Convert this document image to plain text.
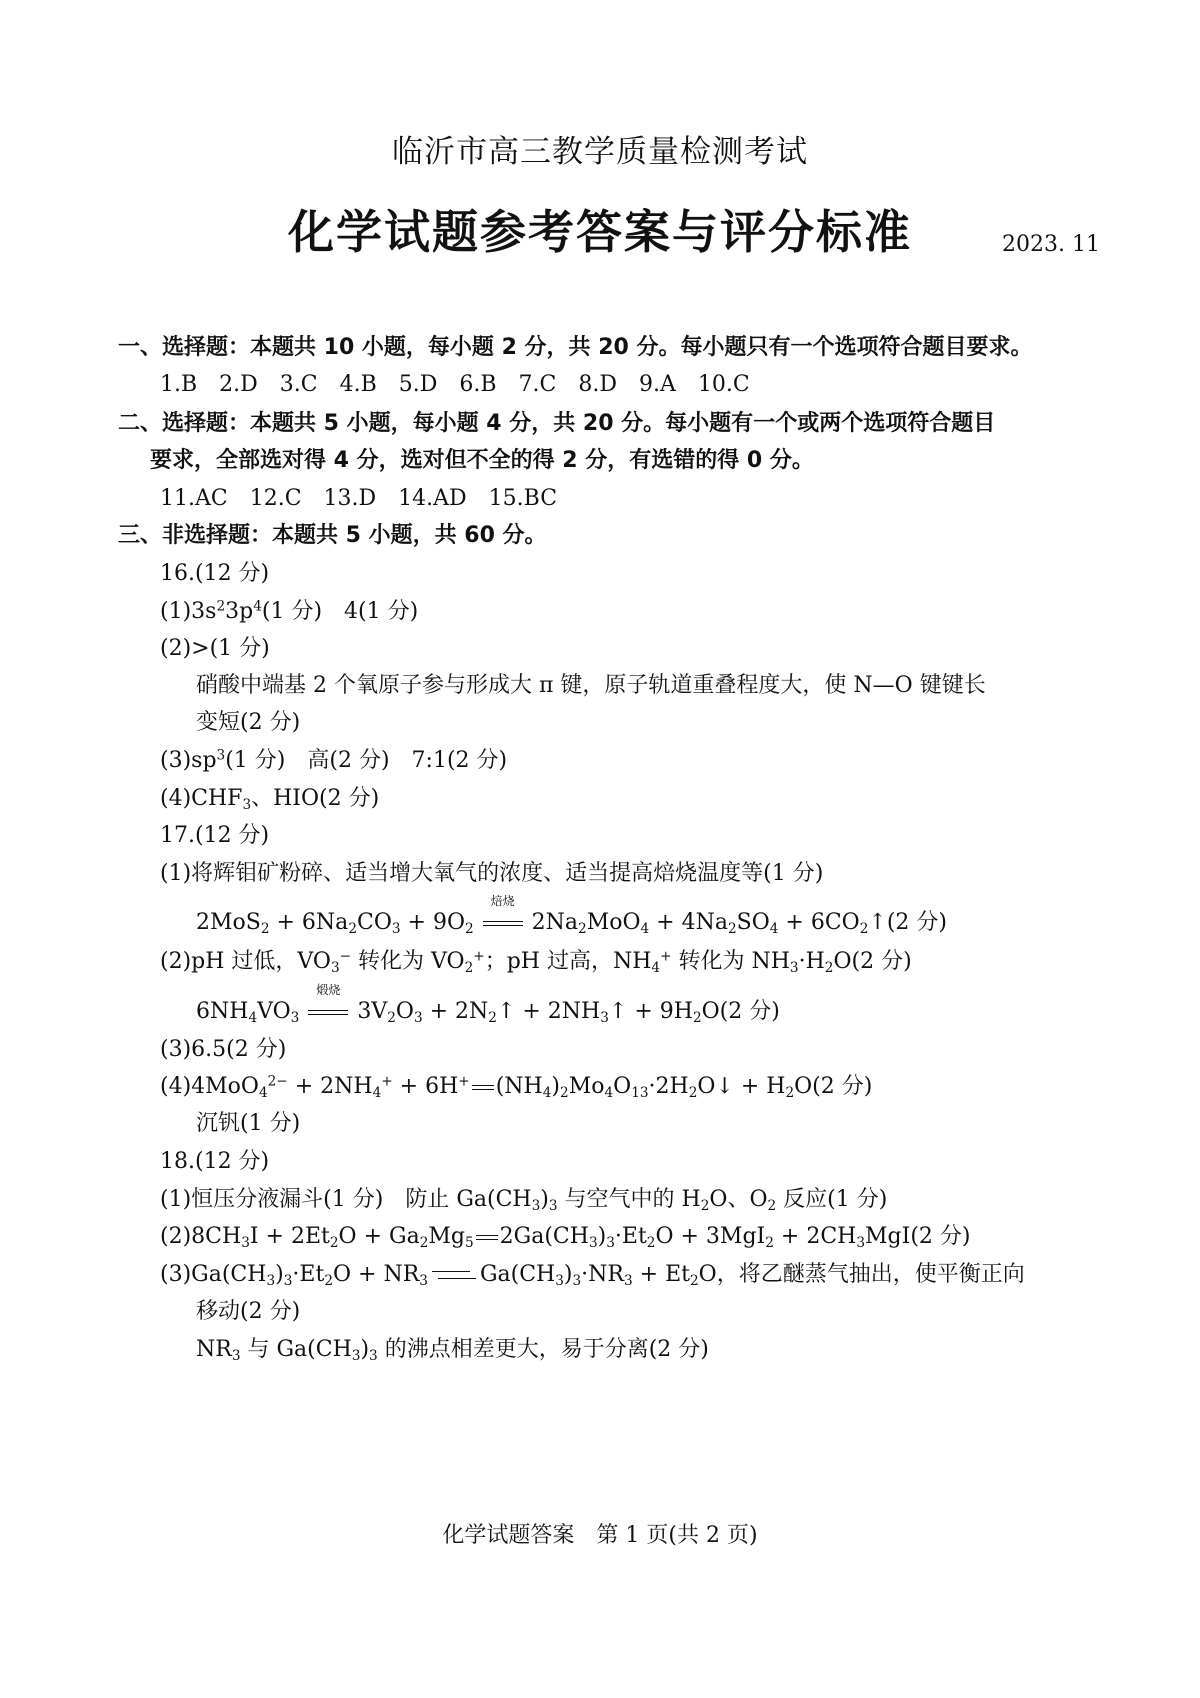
临沂市高三教学质量检测考试
化学试题参考答案与评分标准	2023. 11
一、选择题：本题共 10 小题，每小题 2 分，共 20 分。每小题只有一个选项符合题目要求。
1.B　2.D　3.C　4.B　5.D　6.B　7.C　8.D　9.A　10.C
二、选择题：本题共 5 小题，每小题 4 分，共 20 分。每小题有一个或两个选项符合题目
要求，全部选对得 4 分，选对但不全的得 2 分，有选错的得 0 分。
11.AC　12.C　13.D　14.AD　15.BC
三、非选择题：本题共 5 小题，共 60 分。
16.(12 分)
$(1)3s^23p^4(1$ 分)　4(1 分)
(2)>(1 分)
硝酸中端基 2 个氧原子参与形成大 π 键，原子轨道重叠程度大，使 N—O 键键长
变短(2 分)
$(3)sp^3(1$ 分)　高(2 分)　7:1(2 分)
$(4)CHF_3$、HIO(2 分)
17.(12 分)
(1)将辉钼矿粉碎、适当增大氧气的浓度、适当提高焙烧温度等(1 分)
$2MoS_2 + 6Na_2CO_3 + 9O_2$
焙烧
$2Na_2MoO_4 + 4Na_2SO_4$ + $6CO_2↑(2$ 分)
(2)pH 过低，$VO_3^-$ 转化为 $VO_2^+$；pH 过高，$NH_4^+$ 转化为 $NH_3\cdot H_2O(2$ 分)
$6NH_4VO_3$
煅烧
$3V_2O_3$ + $2N_2↑$ + $2NH_3↑ + 9H_2O(2$ 分)
(3)6.5(2 分)
$(4)4MoO_4^{2-} + 2NH_4^+ + 6H^+$ $(NH_4)_2Mo_4O_{13}\cdot 2H_2O↓ + H_2O(2$ 分)
沉钒(1 分)
18.(12 分)
(1)恒压分液漏斗(1 分)　防止 $Ga(CH_3)_3$ 与空气中的 $H_2O$、$O_2$ 反应(1 分)
$(2)8CH_3I + 2Et_2O + Ga_2Mg_5$ $2Ga(CH_3)_3\cdot Et_2O + 3MgI_2 + 2CH_3MgI(2$ 分)
$(3)Ga(CH_3)_3\cdot Et_2O + NR_3$ $Ga(CH_3)_3\cdot NR_3 + Et_2O$，将乙醚蒸气抽出，使平衡正向
移动(2 分)
$NR_3$ 与 $Ga(CH_3)_3$ 的沸点相差更大，易于分离(2 分)
化学试题答案　第 1 页(共 2 页)
